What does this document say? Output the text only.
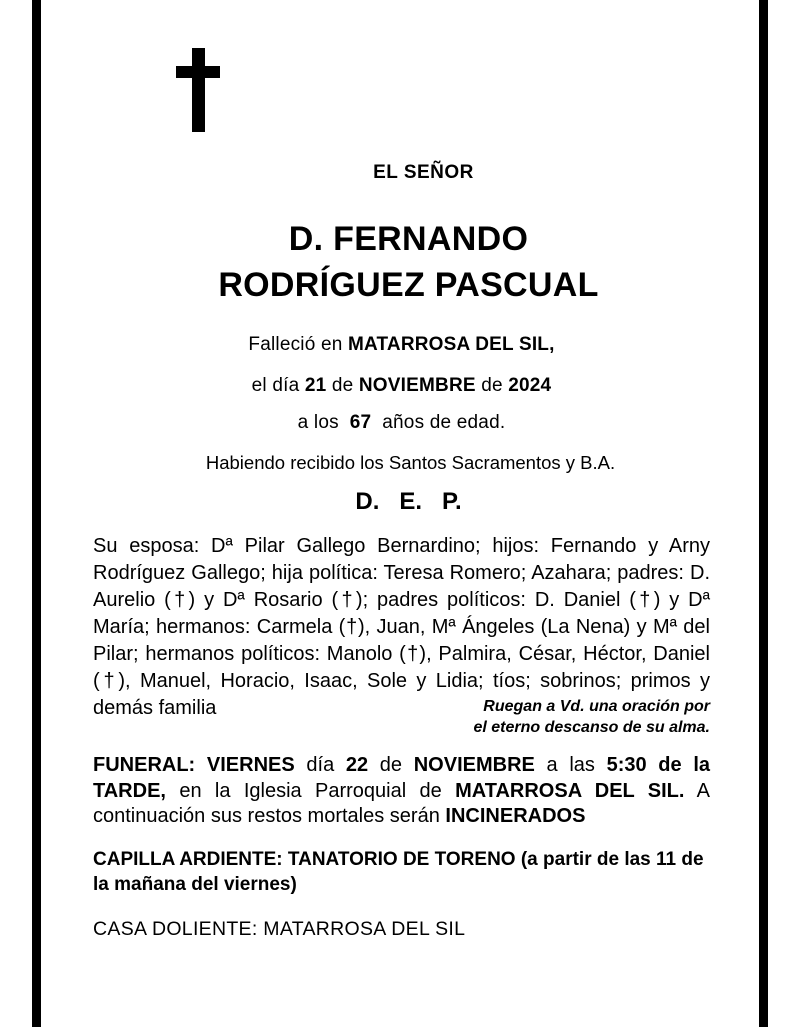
EL SEÑOR
D. FERNANDO
RODRÍGUEZ PASCUAL
Falleció en MATARROSA DEL SIL,
el día 21 de NOVIEMBRE de 2024
a los  67  años de edad.
Habiendo recibido los Santos Sacramentos y B.A.
D.   E.   P.
Su esposa: Dª Pilar Gallego Bernardino; hijos: Fernando y Arny Rodríguez Gallego; hija política: Teresa Romero; Azahara; padres: D. Aurelio (†) y Dª Rosario (†); padres políticos: D. Daniel (†) y Dª María; hermanos: Carmela (†), Juan, Mª Ángeles (La Nena) y Mª del Pilar; hermanos políticos: Manolo (†), Palmira, César, Héctor, Daniel (†), Manuel, Horacio, Isaac, Sole y Lidia; tíos; sobrinos; primos y demás familia	Ruegan a Vd. una oración por
el eterno descanso de su alma.
FUNERAL: VIERNES día 22 de NOVIEMBRE a las 5:30 de la TARDE, en la Iglesia Parroquial de MATARROSA DEL SIL. A continuación sus restos mortales serán INCINERADOS
CAPILLA ARDIENTE: TANATORIO DE TORENO (a partir de las 11 de la mañana del viernes)
CASA DOLIENTE: MATARROSA DEL SIL
